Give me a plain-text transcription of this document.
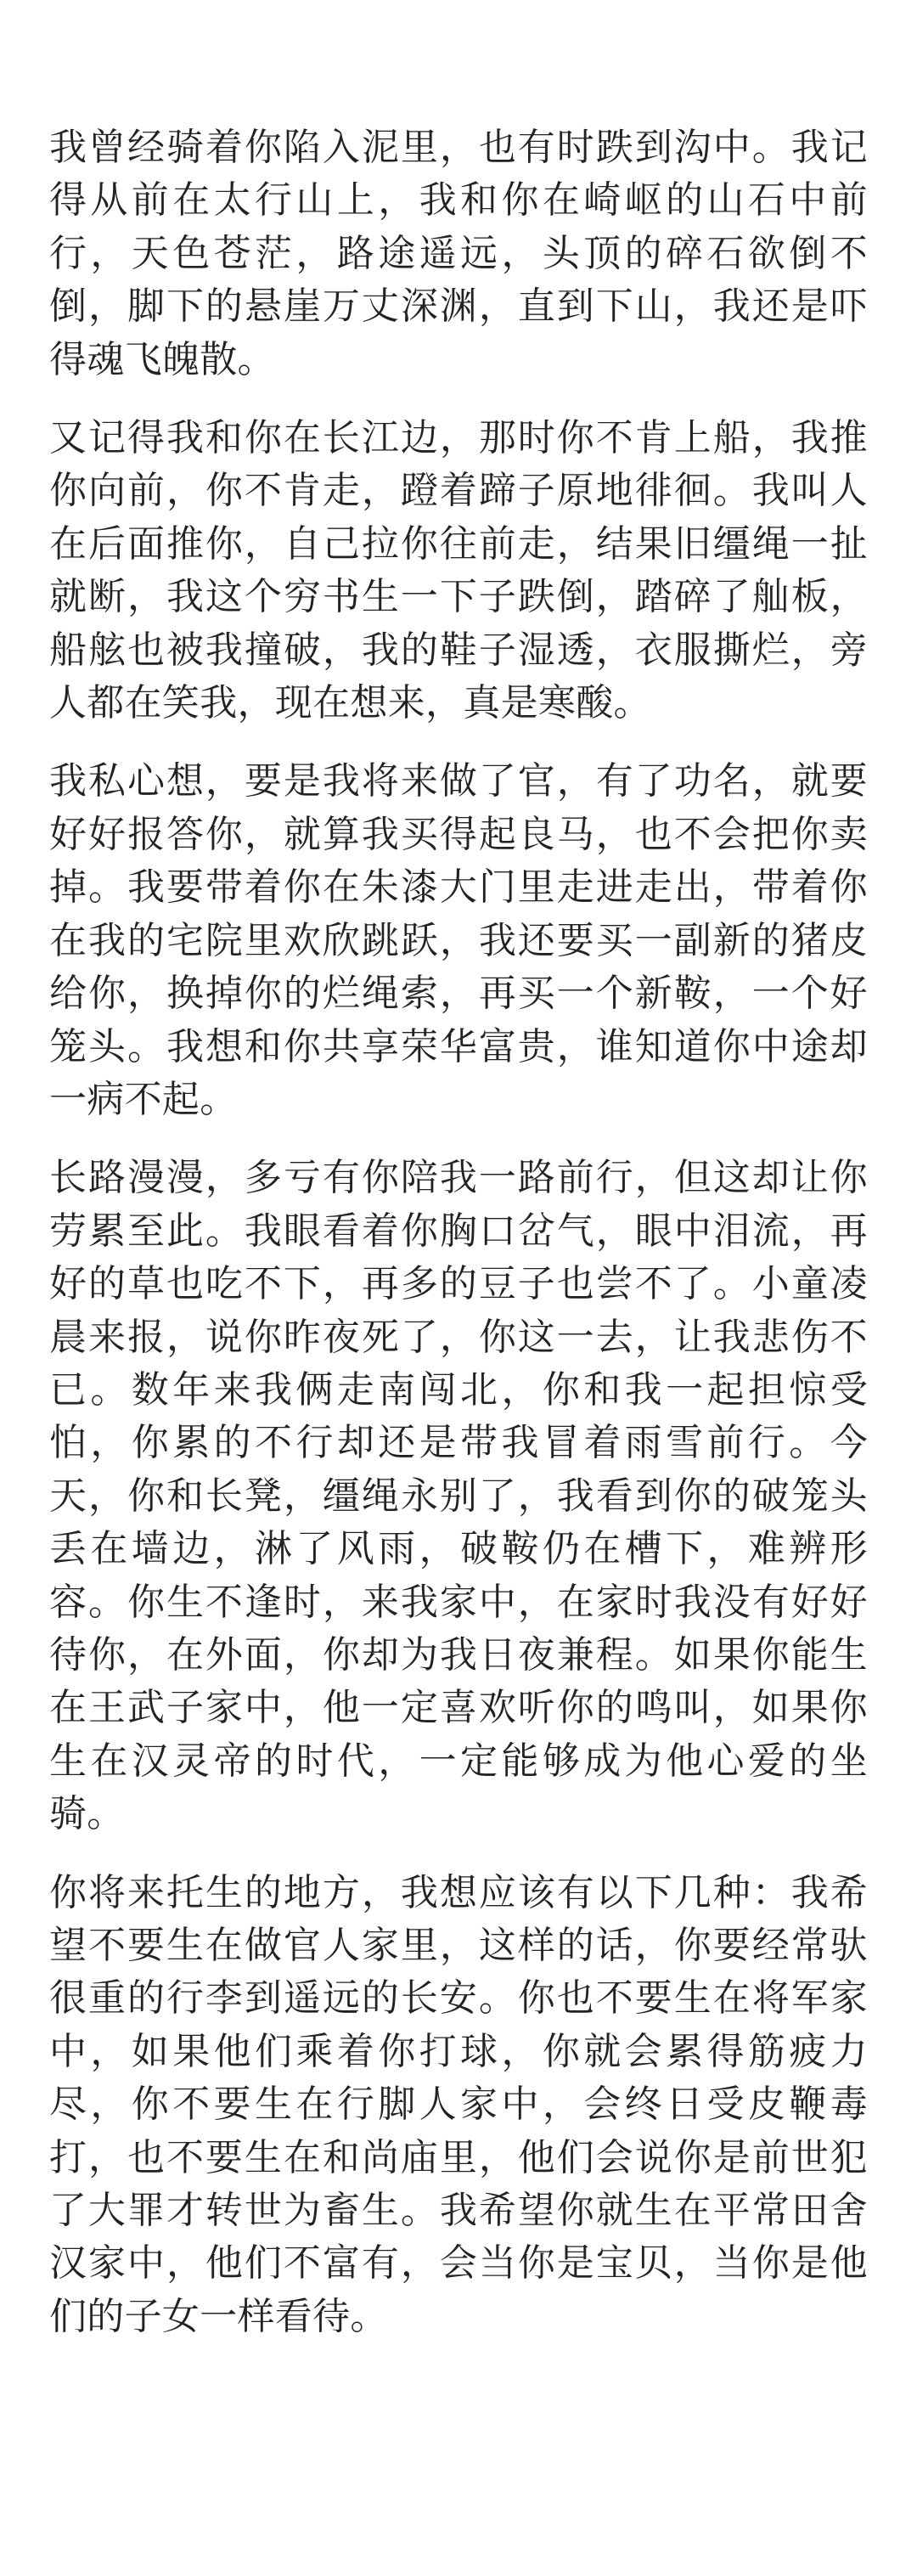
我曾经骑着你陷入泥里，也有时跌到沟中。我记得从前在太行山上，我和你在崎岖的山石中前行，天色苍茫，路途遥远，头顶的碎石欲倒不倒，脚下的悬崖万丈深渊，直到下山，我还是吓得魂飞魄散。

又记得我和你在长江边，那时你不肯上船，我推你向前，你不肯走，蹬着蹄子原地徘徊。我叫人在后面推你，自己拉你往前走，结果旧缰绳一扯就断，我这个穷书生一下子跌倒，踏碎了舢板，船舷也被我撞破，我的鞋子湿透，衣服撕烂，旁人都在笑我，现在想来，真是寒酸。

我私心想，要是我将来做了官，有了功名，就要好好报答你，就算我买得起良马，也不会把你卖掉。我要带着你在朱漆大门里走进走出，带着你在我的宅院里欢欣跳跃，我还要买一副新的猪皮给你，换掉你的烂绳索，再买一个新鞍，一个好笼头。我想和你共享荣华富贵，谁知道你中途却一病不起。

长路漫漫，多亏有你陪我一路前行，但这却让你劳累至此。我眼看着你胸口岔气，眼中泪流，再好的草也吃不下，再多的豆子也尝不了。小童凌晨来报，说你昨夜死了，你这一去，让我悲伤不已。数年来我俩走南闯北，你和我一起担惊受怕，你累的不行却还是带我冒着雨雪前行。今天，你和长凳，缰绳永别了，我看到你的破笼头丢在墙边，淋了风雨，破鞍仍在槽下，难辨形容。你生不逢时，来我家中，在家时我没有好好待你，在外面，你却为我日夜兼程。如果你能生在王武子家中，他一定喜欢听你的鸣叫，如果你生在汉灵帝的时代，一定能够成为他心爱的坐骑。

你将来托生的地方，我想应该有以下几种：我希望不要生在做官人家里，这样的话，你要经常驮很重的行李到遥远的长安。你也不要生在将军家中，如果他们乘着你打球，你就会累得筋疲力尽，你不要生在行脚人家中，会终日受皮鞭毒打，也不要生在和尚庙里，他们会说你是前世犯了大罪才转世为畜生。我希望你就生在平常田舍汉家中，他们不富有，会当你是宝贝，当你是他们的子女一样看待。
